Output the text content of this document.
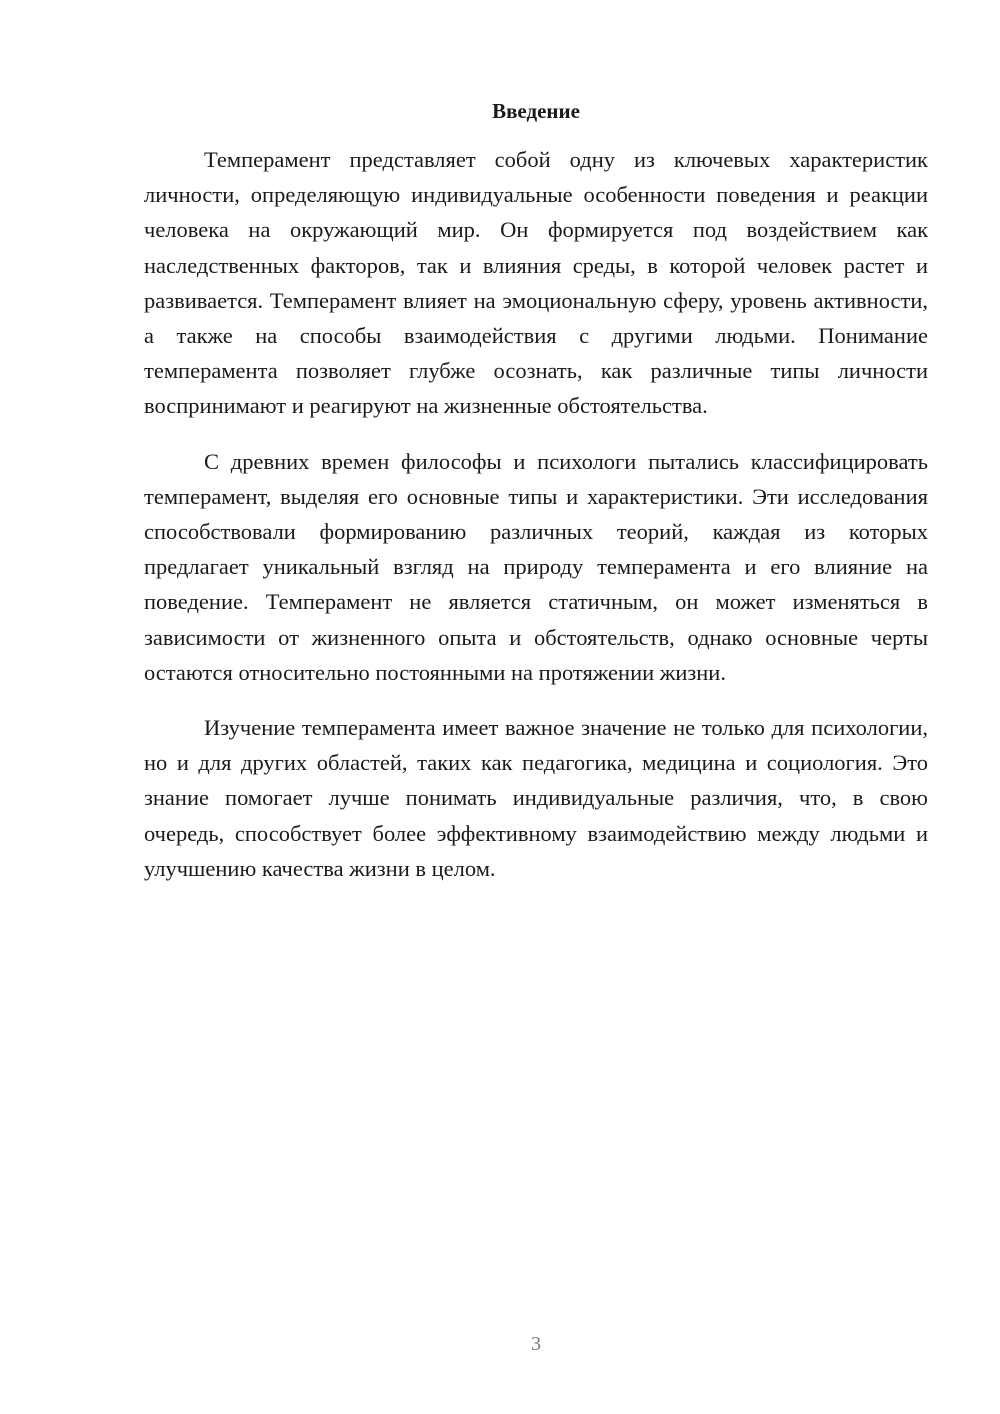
Введение

Темперамент представляет собой одну из ключевых характеристик личности, определяющую индивидуальные особенности поведения и реакции человека на окружающий мир. Он формируется под воздействием как наследственных факторов, так и влияния среды, в которой человек растет и развивается. Темперамент влияет на эмоциональную сферу, уровень активности, а также на способы взаимодействия с другими людьми. Понимание темперамента позволяет глубже осознать, как различные типы личности воспринимают и реагируют на жизненные обстоятельства.

С древних времен философы и психологи пытались классифицировать темперамент, выделяя его основные типы и характеристики. Эти исследования способствовали формированию различных теорий, каждая из которых предлагает уникальный взгляд на природу темперамента и его влияние на поведение. Темперамент не является статичным, он может изменяться в зависимости от жизненного опыта и обстоятельств, однако основные черты остаются относительно постоянными на протяжении жизни.

Изучение темперамента имеет важное значение не только для психологии, но и для других областей, таких как педагогика, медицина и социология. Это знание помогает лучше понимать индивидуальные различия, что, в свою очередь, способствует более эффективному взаимодействию между людьми и улучшению качества жизни в целом.

3
